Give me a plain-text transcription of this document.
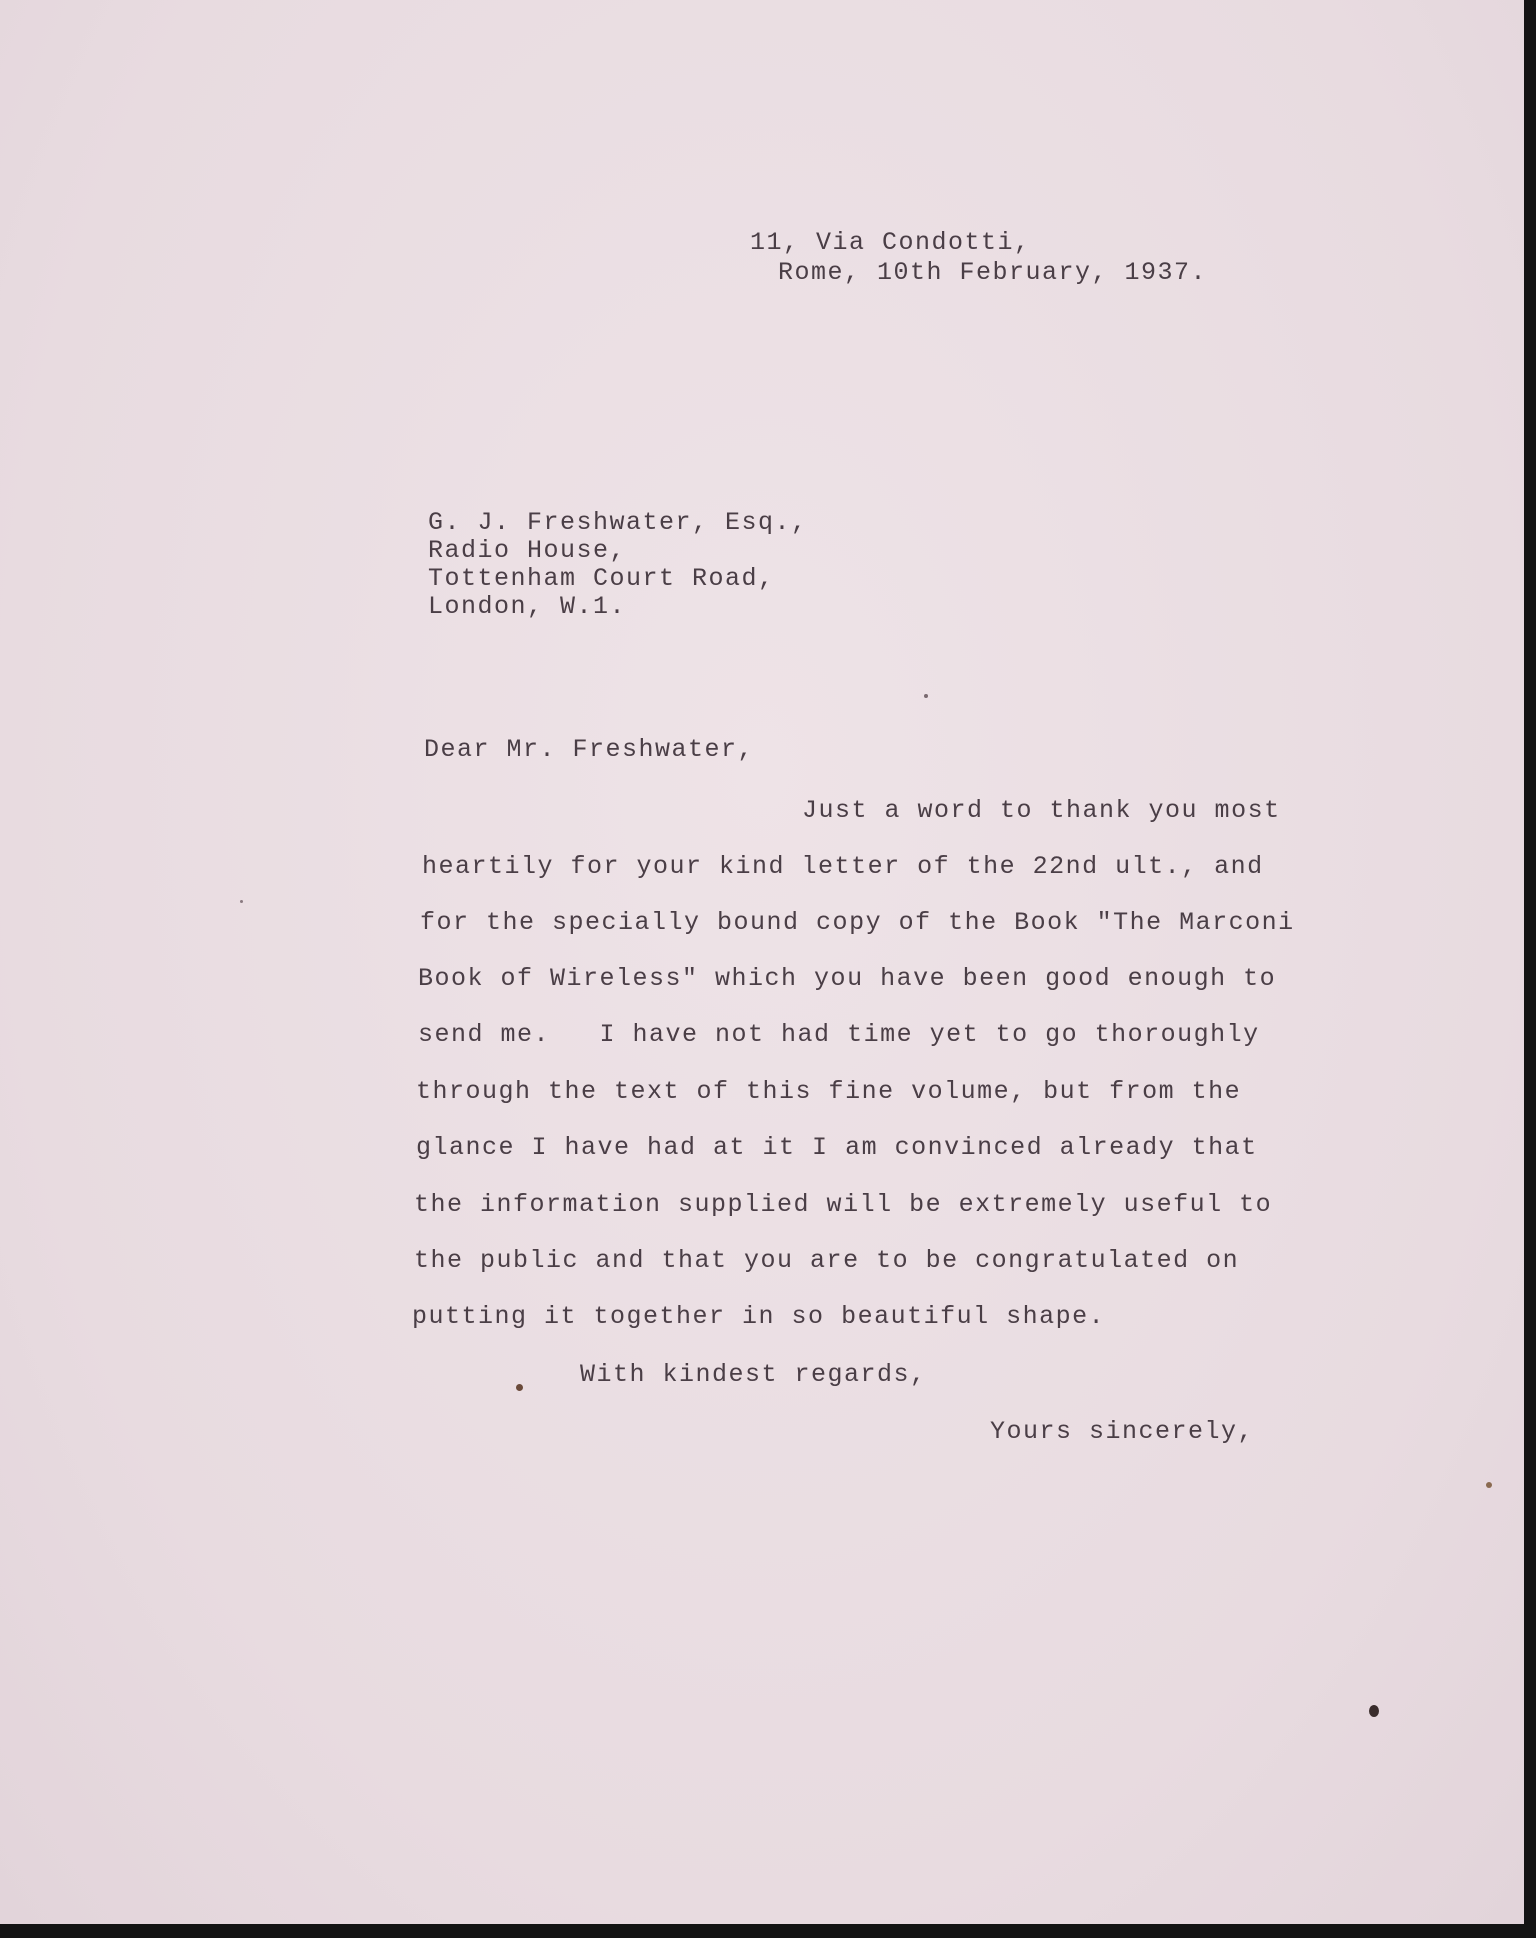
11, Via Condotti,

Rome, 10th February, 1937.

G. J. Freshwater, Esq.,

Radio House,

Tottenham Court Road,

London, W.1.

Dear Mr. Freshwater,

Just a word to thank you most

heartily for your kind letter of the 22nd ult., and

for the specially bound copy of the Book "The Marconi

Book of Wireless" which you have been good enough to

send me.   I have not had time yet to go thoroughly

through the text of this fine volume, but from the

glance I have had at it I am convinced already that

the information supplied will be extremely useful to

the public and that you are to be congratulated on

putting it together in so beautiful shape.

With kindest regards,

Yours sincerely,
